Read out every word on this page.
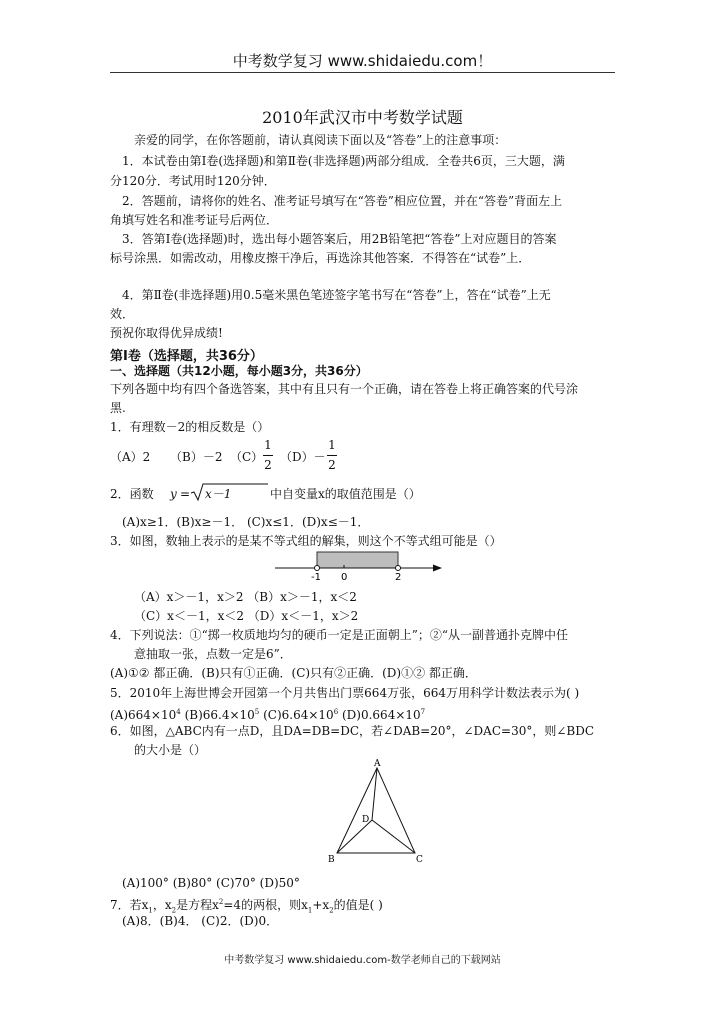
中考数学复习 www.shidaiedu.com！
2010年武汉市中考数学试题
亲爱的同学，在你答题前，请认真阅读下面以及“答卷”上的注意事项：
1．本试卷由第Ⅰ卷(选择题)和第Ⅱ卷(非选择题)两部分组成．全卷共6页，三大题，满
分120分．考试用时120分钟．
2．答题前，请将你的姓名、准考证号填写在“答卷”相应位置，并在“答卷”背面左上
角填写姓名和准考证号后两位．
3．答第Ⅰ卷(选择题)时，选出每小题答案后，用2B铅笔把“答卷”上对应题目的答案
标号涂黑．如需改动，用橡皮擦干净后，再选涂其他答案．不得答在“试卷”上．
4．第Ⅱ卷(非选择题)用0.5毫米黑色笔迹签字笔书写在“答卷”上，答在“试卷”上无
效．
预祝你取得优异成绩!
第Ⅰ卷（选择题，共36分）
一、选择题（共12小题，每小题3分，共36分）
下列各题中均有四个备选答案，其中有且只有一个正确，请在答卷上将正确答案的代号涂
黑.
1．有理数－2的相反数是（）
（A）2 （B）－2 （C）
1
2
（D）－
1
2
2．函数 y = x－1	中自变量x的取值范围是（）
(A)x≥1．(B)x≥－1． (C)x≤1．(D)x≤－1．
3．如图，数轴上表示的是某不等式组的解集，则这个不等式组可能是（）
-1 0	2
（A）x＞－1，x＞2 （B）x＞－1，x＜2
（C）x＜－1，x＜2 （D）x＜－1，x＞2
4．下列说法：①“掷一枚质地均匀的硬币一定是正面朝上”；②“从一副普通扑克牌中任
意抽取一张，点数一定是6”．
(A)①② 都正确．(B)只有①正确．(C)只有②正确．(D)①② 都正确．
5．2010年上海世博会开园第一个月共售出门票664万张，664万用科学计数法表示为( )
$(A)664\times 10^4$ $(B)66.4\times 10^5$ $(C)6.64\times 10^6$ $(D)0.664\times 10^7$
6．如图，△ABC内有一点D，且DA=DB=DC，若∠DAB=20°，∠DAC=30°，则∠BDC
的大小是（）
A
B	C
D
(A)100° (B)80° (C)70° (D)50°
7．若$x_1$，$x_2$是方程$x^2=4$的两根，则$x_1+x_2$的值是( )
(A)8．(B)4． (C)2．(D)0．
中考数学复习 www.shidaiedu.com-数学老师自己的下载网站
